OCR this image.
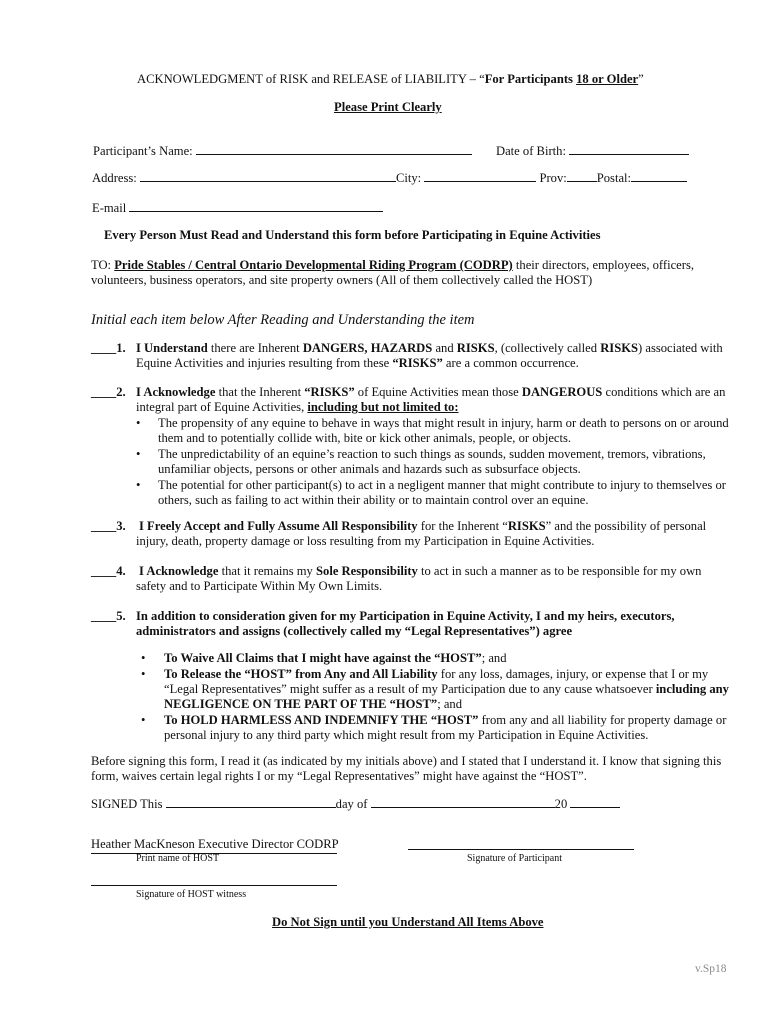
ACKNOWLEDGMENT of RISK and RELEASE of LIABILITY – “For Participants 18 or Older”
Please Print Clearly
Participant’s Name:	Date of Birth:
Address:	City:	Prov: Postal:
E-mail
Every Person Must Read and Understand this form before Participating in Equine Activities
TO: Pride Stables / Central Ontario Developmental Riding Program (CODRP) their directors, employees, officers,
volunteers, business operators, and site property owners (All of them collectively called the HOST)
Initial each item below After Reading and Understanding the item
____1. I Understand there are Inherent DANGERS, HAZARDS and RISKS, (collectively called RISKS) associated with
Equine Activities and injuries resulting from these “RISKS” are a common occurrence.
____2. I Acknowledge that the Inherent “RISKS” of Equine Activities mean those DANGEROUS conditions which are an
integral part of Equine Activities, including but not limited to:
• The propensity of any equine to behave in ways that might result in injury, harm or death to persons on or around
them and to potentially collide with, bite or kick other animals, people, or objects.
• The unpredictability of an equine’s reaction to such things as sounds, sudden movement, tremors, vibrations,
unfamiliar objects, persons or other animals and hazards such as subsurface objects.
• The potential for other participant(s) to act in a negligent manner that might contribute to injury to themselves or
others, such as failing to act within their ability or to maintain control over an equine.
____3. I Freely Accept and Fully Assume All Responsibility for the Inherent “RISKS” and the possibility of personal
injury, death, property damage or loss resulting from my Participation in Equine Activities.
____4. I Acknowledge that it remains my Sole Responsibility to act in such a manner as to be responsible for my own
safety and to Participate Within My Own Limits.
____5. In addition to consideration given for my Participation in Equine Activity, I and my heirs, executors,
administrators and assigns (collectively called my “Legal Representatives”) agree
• To Waive All Claims that I might have against the “HOST”; and
• To Release the “HOST” from Any and All Liability for any loss, damages, injury, or expense that I or my
“Legal Representatives” might suffer as a result of my Participation due to any cause whatsoever including any
NEGLIGENCE ON THE PART OF THE “HOST”; and
• To HOLD HARMLESS AND INDEMNIFY THE “HOST” from any and all liability for property damage or
personal injury to any third party which might result from my Participation in Equine Activities.
Before signing this form, I read it (as indicated by my initials above) and I stated that I understand it. I know that signing this
form, waives certain legal rights I or my “Legal Representatives” might have against the “HOST”.
SIGNED This	day of	20
Heather MacKneson Executive Director CODRP
Print name of HOST	Signature of Participant
Signature of HOST witness
Do Not Sign until you Understand All Items Above
v.Sp18
